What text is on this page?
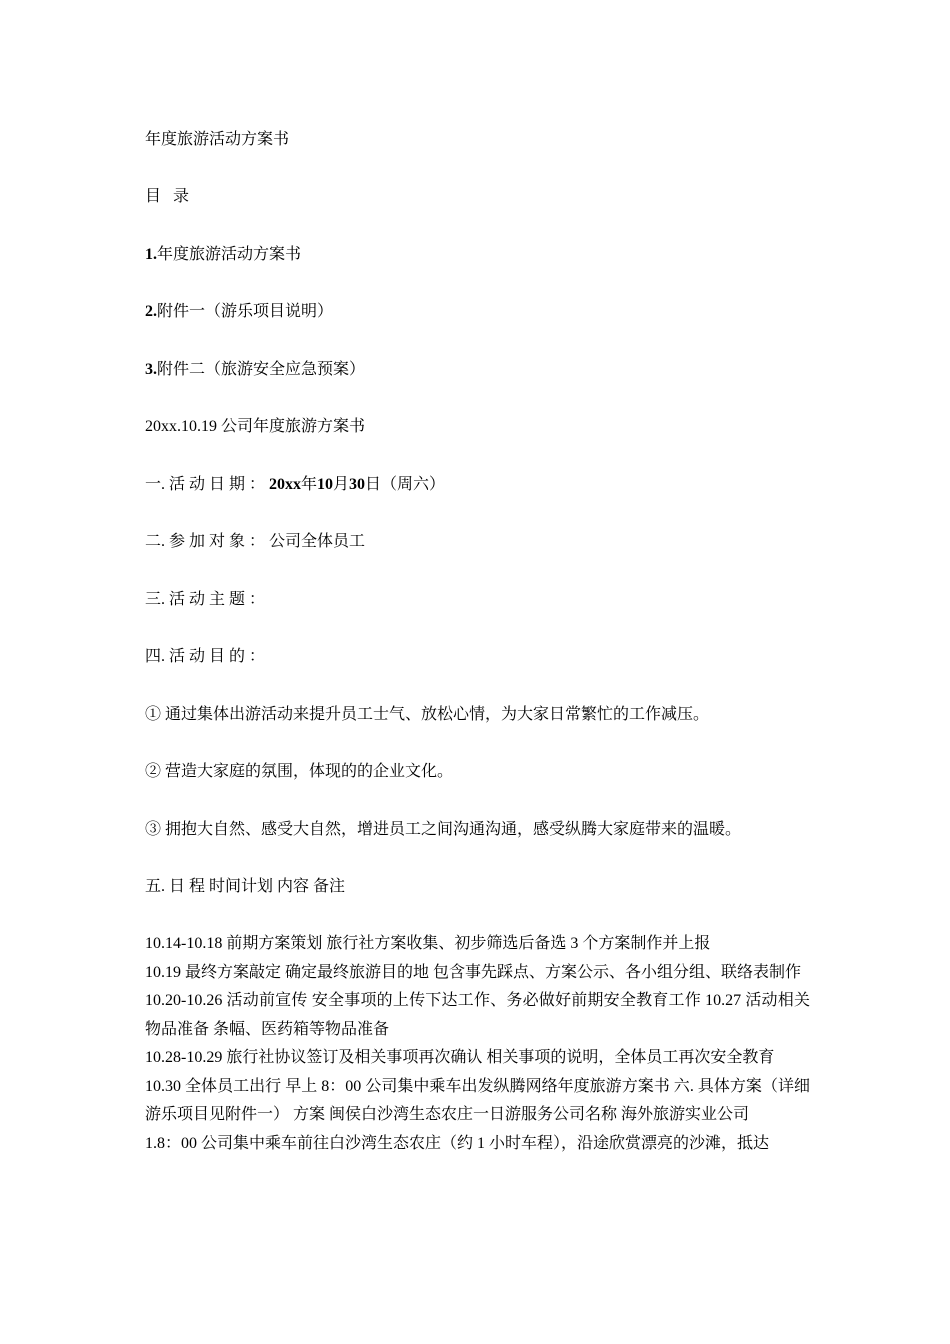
年度旅游活动方案书
目 录
1.年度旅游活动方案书
2.附件一（游乐项目说明）
3.附件二（旅游安全应急预案）
20xx.10.19 公司年度旅游方案书
一. 活 动 日 期 ： 20xx年10月30日（周六）
二. 参 加 对 象 ： 公司全体员工
三. 活 动 主 题 ：
四. 活 动 目 的 ：
① 通过集体出游活动来提升员工士气、放松心情，为大家日常繁忙的工作减压。
② 营造大家庭的氛围，体现的的企业文化。
③ 拥抱大自然、感受大自然，增进员工之间沟通沟通，感受纵腾大家庭带来的温暖。
五. 日 程 时间计划 内容 备注

10.14-10.18 前期方案策划 旅行社方案收集、初步筛选后备选 3 个方案制作并上报

10.19 最终方案敲定 确定最终旅游目的地 包含事先踩点、方案公示、各小组分组、联络表制作

10.20-10.26 活动前宣传 安全事项的上传下达工作、务必做好前期安全教育工作 10.27 活动相关物品准备 条幅、医药箱等物品准备

10.28-10.29 旅行社协议签订及相关事项再次确认 相关事项的说明，全体员工再次安全教育

10.30 全体员工出行 早上 8：00 公司集中乘车出发纵腾网络年度旅游方案书 六. 具体方案（详细游乐项目见附件一） 方案 闽侯白沙湾生态农庄一日游服务公司名称 海外旅游实业公司

1.8：00 公司集中乘车前往白沙湾生态农庄（约 1 小时车程），沿途欣赏漂亮的沙滩，抵达
